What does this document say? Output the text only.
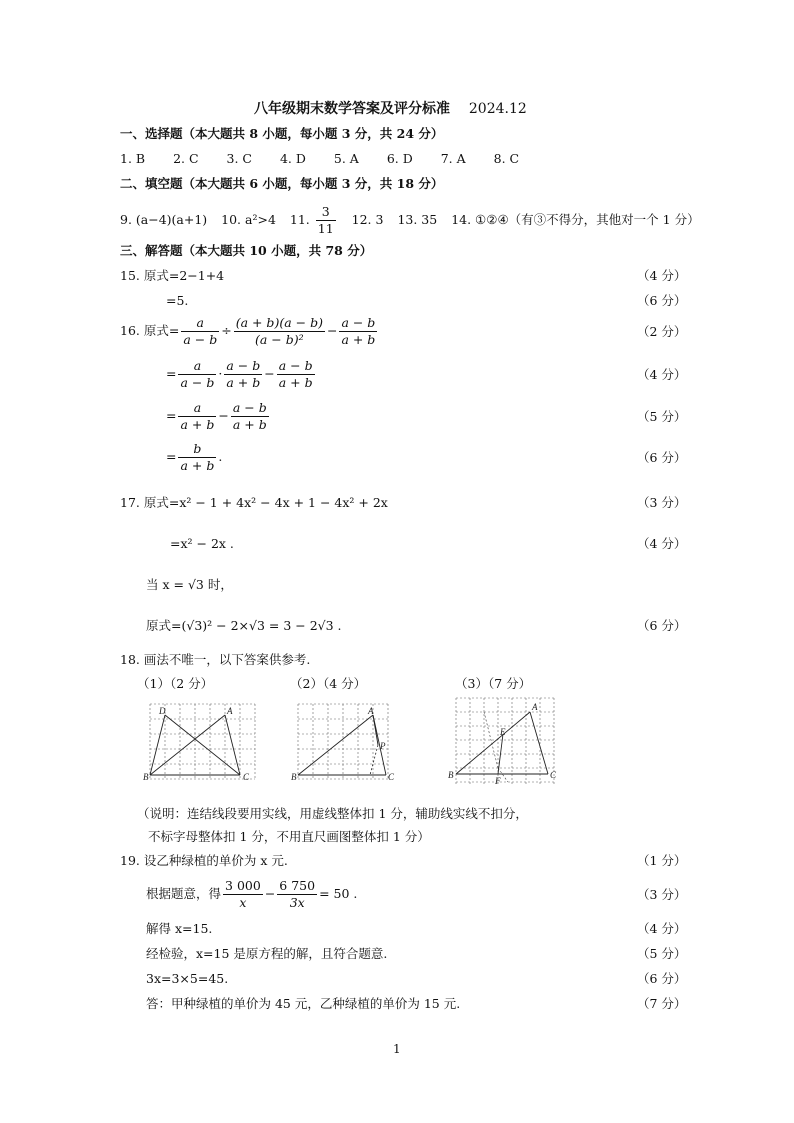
八年级期末数学答案及评分标准 2024.12
一、选择题（本大题共 8 小题，每小题 3 分，共 24 分）
1. B 2. C 3. C 4. D 5. A 6. D 7. A 8. C
二、填空题（本大题共 6 小题，每小题 3 分，共 18 分）
9. (a−4)(a+1) 10. a²>4 11. $\frac{3}{11} 12$. 3 13. 35 14. ①②④（有③不得分，其他对一个 1 分）
三、解答题（本大题共 10 小题，共 78 分）
15. 原式=2−1+4	（4 分）
=5.	（6 分）
16. 原式= $\frac{a}{a - b} \div \frac{(a + b)(a - b)}{\text{(a − b)²}} - \frac{a - b}{a + b}$	（2 分）
= $\frac{a}{a - b} \cdot \frac{a - b}{a + b} - \frac{a - b}{a + b}$	（4 分）
= $\frac{a}{a + b} - \frac{a - b}{a + b}$	（5 分）
= $\frac{b}{a + b}$ .	（6 分）
17. 原式=x² − 1 + 4x² − 4x + 1 − 4x² + 2x	（3 分）
=x² − 2x .	（4 分）
当 x = √3 时，
原式=(√3)² − 2×√3 = 3 − 2√3 .	（6 分）
18. 画法不唯一，以下答案供参考.
（1）（2 分）	（2）（4 分）	（3）（7 分）
D	A
B	C
A
P
B	C
A
E
F
B	C
（说明：连结线段要用实线，用虚线整体扣 1 分，辅助线实线不扣分，
不标字母整体扣 1 分，不用直尺画图整体扣 1 分）
19. 设乙种绿植的单价为 x 元.	（1 分）
根据题意，得 $\frac{3 000}{x} - \frac{6 750}{3x} = 50$ .	（3 分）
解得 x=15.	（4 分）
经检验，x=15 是原方程的解，且符合题意.	（5 分）
3x=3×5=45.	（6 分）
答：甲种绿植的单价为 45 元，乙种绿植的单价为 15 元.	（7 分）
1
